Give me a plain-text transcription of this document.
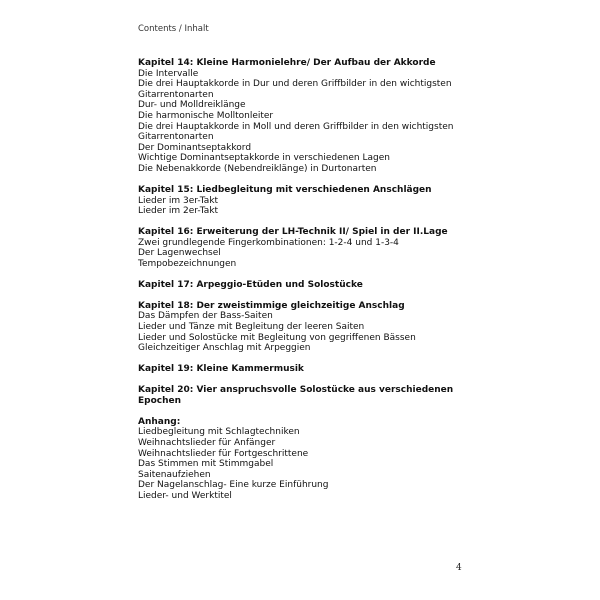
Contents / Inhalt
Kapitel 14: Kleine Harmonielehre/ Der Aufbau der Akkorde
Die Intervalle
Die drei Hauptakkorde in Dur und deren Griffbilder in den wichtigsten Gitarrentonarten
Dur- und Molldreiklänge
Die harmonische Molltonleiter
Die drei Hauptakkorde in Moll und deren Griffbilder in den wichtigsten Gitarrentonarten
Der Dominantseptakkord
Wichtige Dominantseptakkorde in verschiedenen Lagen
Die Nebenakkorde (Nebendreiklänge) in Durtonarten
Kapitel 15: Liedbegleitung mit verschiedenen Anschlägen
Lieder im 3er-Takt
Lieder im 2er-Takt
Kapitel 16: Erweiterung der LH-Technik II/ Spiel in der II.Lage
Zwei grundlegende Fingerkombinationen: 1-2-4 und 1-3-4
Der Lagenwechsel
Tempobezeichnungen
Kapitel 17: Arpeggio-Etüden und Solostücke
Kapitel 18: Der zweistimmige gleichzeitige Anschlag
Das Dämpfen der Bass-Saiten
Lieder und Tänze mit Begleitung der leeren Saiten
Lieder und Solostücke mit Begleitung von gegriffenen Bässen
Gleichzeitiger Anschlag mit Arpeggien
Kapitel 19: Kleine Kammermusik
Kapitel 20: Vier anspruchsvolle Solostücke aus verschiedenen Epochen
Anhang:
Liedbegleitung mit Schlagtechniken
Weihnachtslieder für Anfänger
Weihnachtslieder für Fortgeschrittene
Das Stimmen mit Stimmgabel
Saitenaufziehen
Der Nagelanschlag- Eine kurze Einführung
Lieder- und Werktitel
4
